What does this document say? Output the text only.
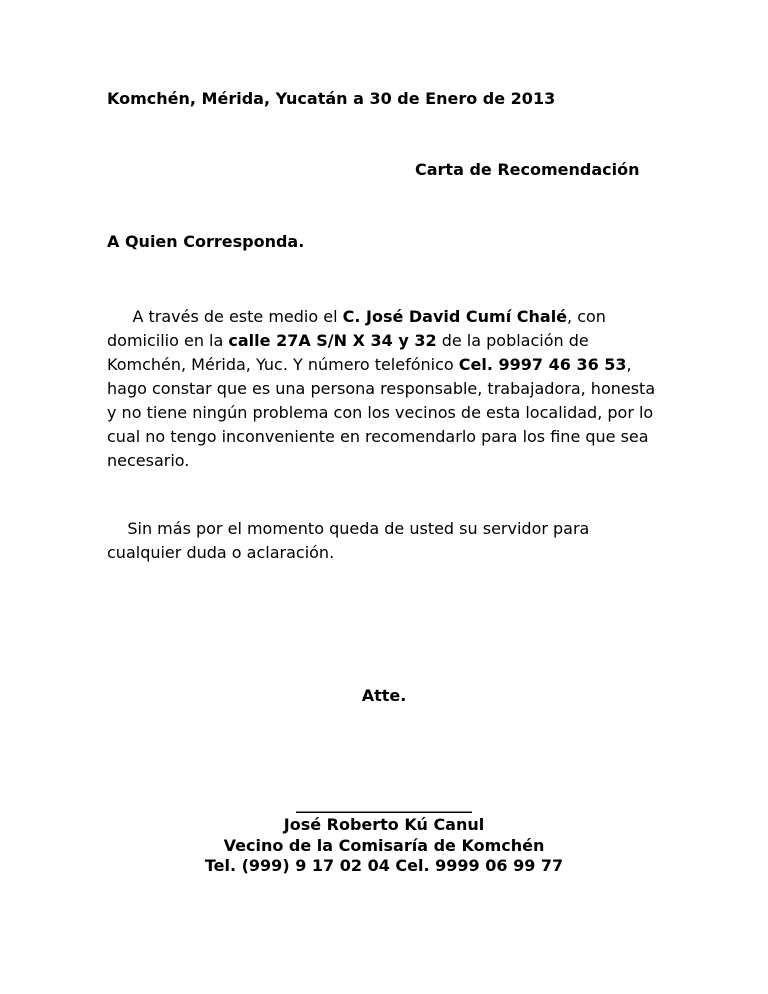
Komchén, Mérida, Yucatán a 30 de Enero de 2013
Carta de Recomendación
A Quien Corresponda.
A través de este medio el C. José David Cumí Chalé, con domicilio en la calle 27A S/N X 34 y 32 de la población de Komchén, Mérida, Yuc. Y número telefónico Cel. 9997 46 36 53, hago constar que es una persona responsable, trabajadora, honesta y no tiene ningún problema con los vecinos de esta localidad, por lo cual no tengo inconveniente en recomendarlo para los fine que sea necesario.
Sin más por el momento queda de usted su servidor para cualquier duda o aclaración.
Atte.
______________________
José Roberto Kú Canul
Vecino de la Comisaría de Komchén
Tel. (999) 9 17 02 04 Cel. 9999 06 99 77
